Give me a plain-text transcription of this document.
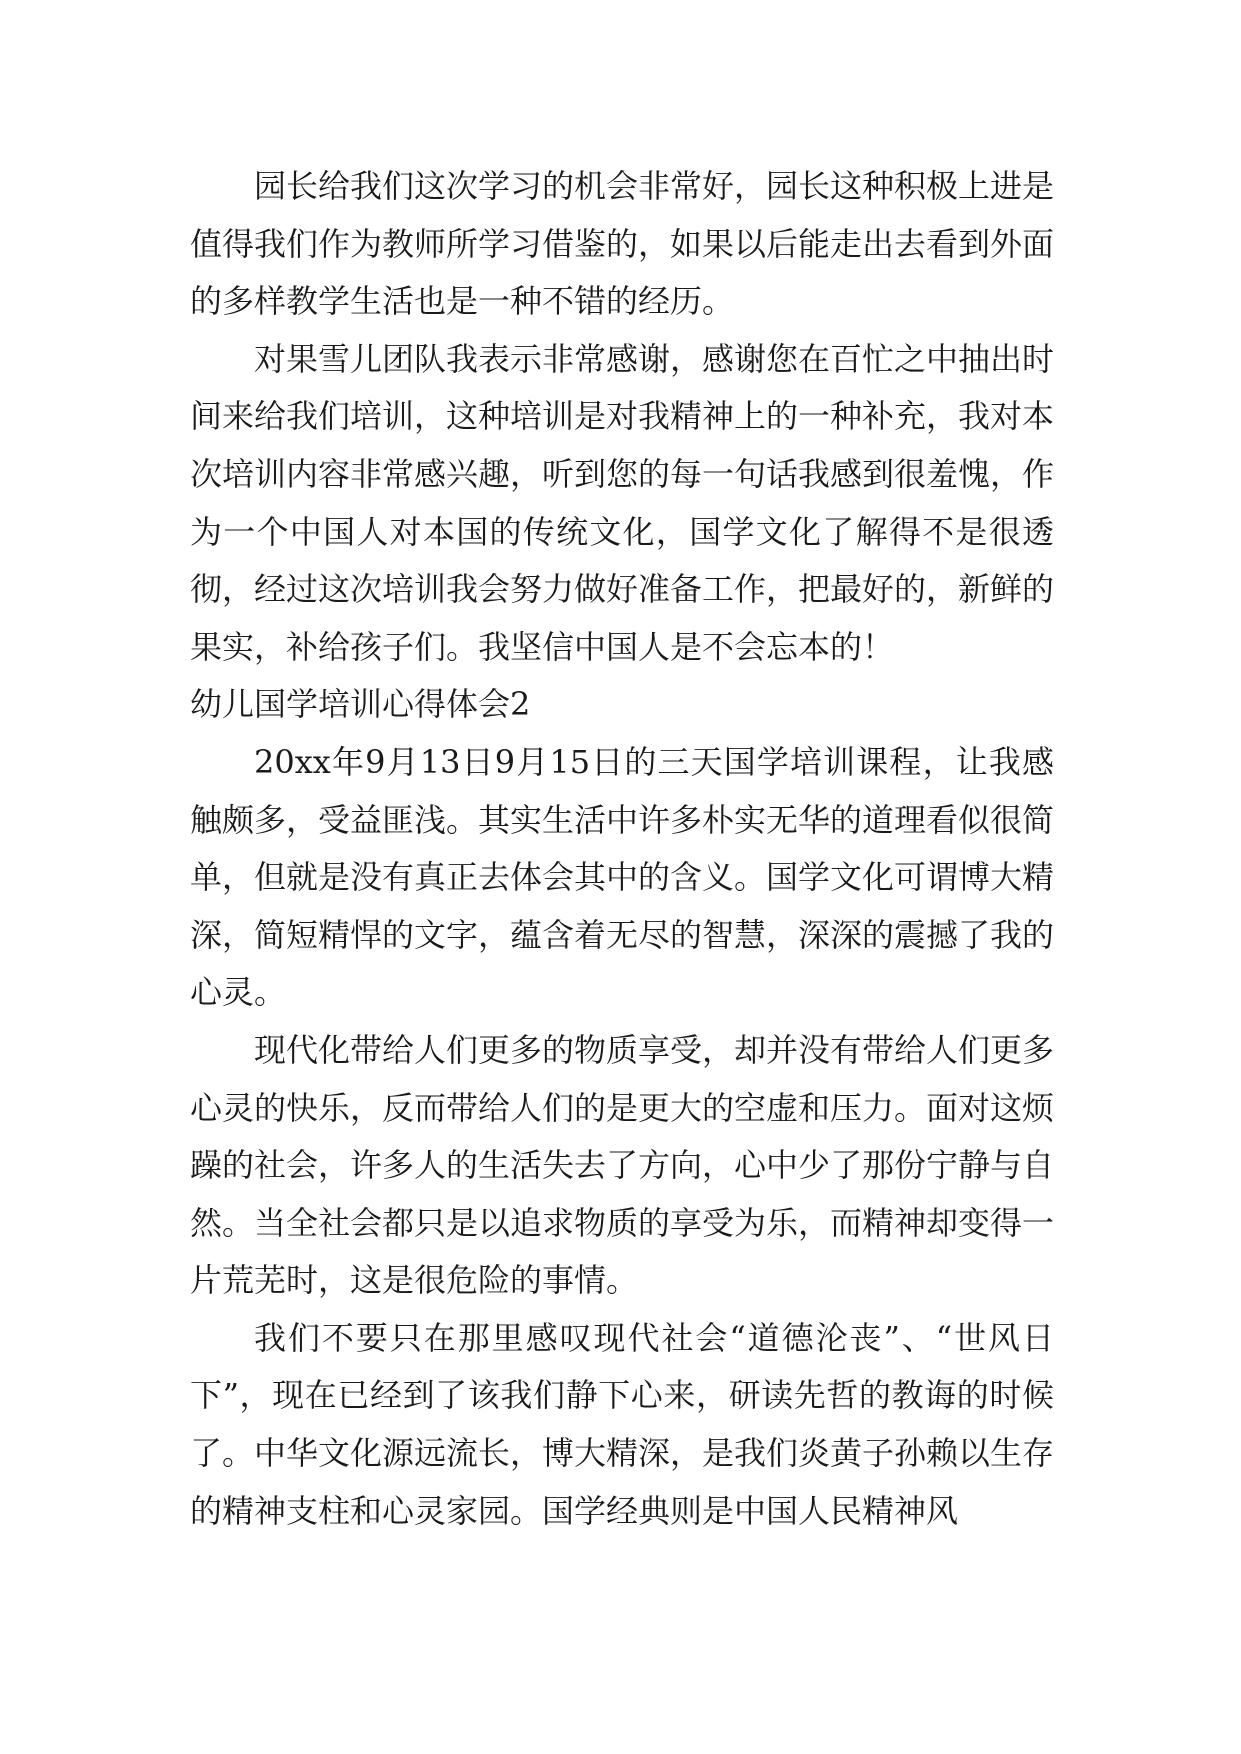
园长给我们这次学习的机会非常好，园长这种积极上进是值得我们作为教师所学习借鉴的，如果以后能走出去看到外面的多样教学生活也是一种不错的经历。

对果雪儿团队我表示非常感谢，感谢您在百忙之中抽出时间来给我们培训，这种培训是对我精神上的一种补充，我对本次培训内容非常感兴趣，听到您的每一句话我感到很羞愧，作为一个中国人对本国的传统文化，国学文化了解得不是很透彻，经过这次培训我会努力做好准备工作，把最好的，新鲜的果实，补给孩子们。我坚信中国人是不会忘本的！

幼儿国学培训心得体会2

20xx年9月13日9月15日的三天国学培训课程，让我感触颇多，受益匪浅。其实生活中许多朴实无华的道理看似很简单，但就是没有真正去体会其中的含义。国学文化可谓博大精深，简短精悍的文字，蕴含着无尽的智慧，深深的震撼了我的心灵。

现代化带给人们更多的物质享受，却并没有带给人们更多心灵的快乐，反而带给人们的是更大的空虚和压力。面对这烦躁的社会，许多人的生活失去了方向，心中少了那份宁静与自然。当全社会都只是以追求物质的享受为乐，而精神却变得一片荒芜时，这是很危险的事情。

我们不要只在那里感叹现代社会“道德沦丧”、“世风日下”，现在已经到了该我们静下心来，研读先哲的教诲的时候了。中华文化源远流长，博大精深，是我们炎黄子孙赖以生存的精神支柱和心灵家园。国学经典则是中国人民精神风
